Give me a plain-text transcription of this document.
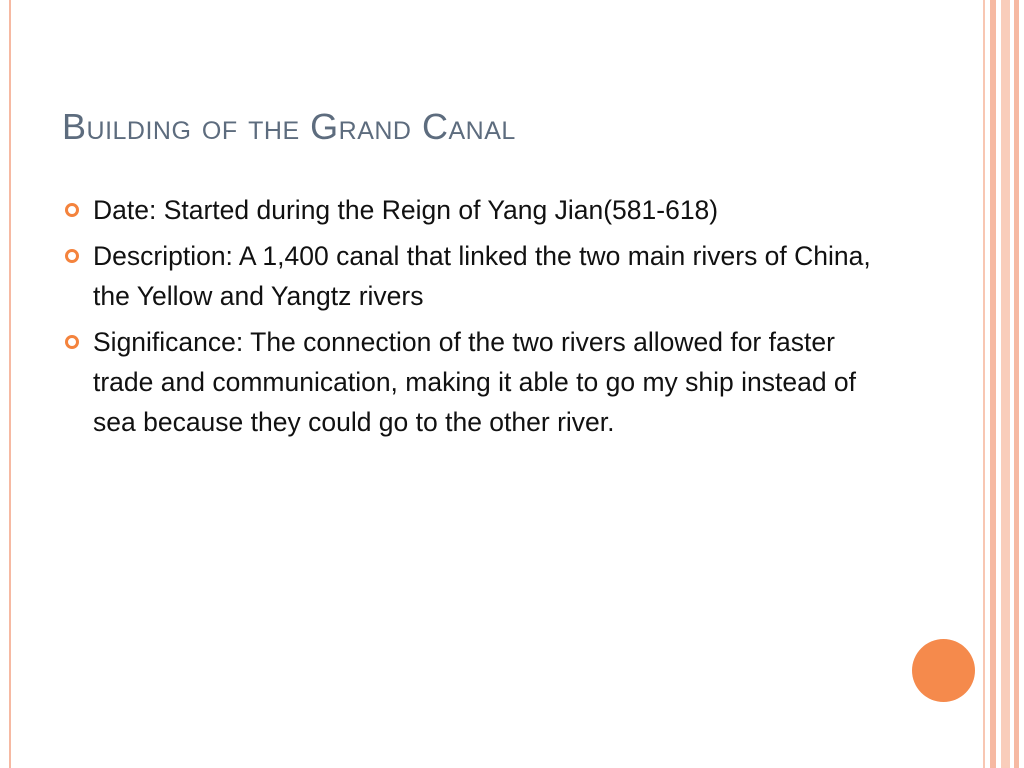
Building of the Grand Canal
Date: Started during the Reign of Yang Jian(581-618)
Description: A 1,400 canal that linked the two main rivers of China, the Yellow and Yangtz rivers
Significance: The connection of the two rivers allowed for faster trade and communication, making it able to go my ship instead of sea because they could go to the other river.
